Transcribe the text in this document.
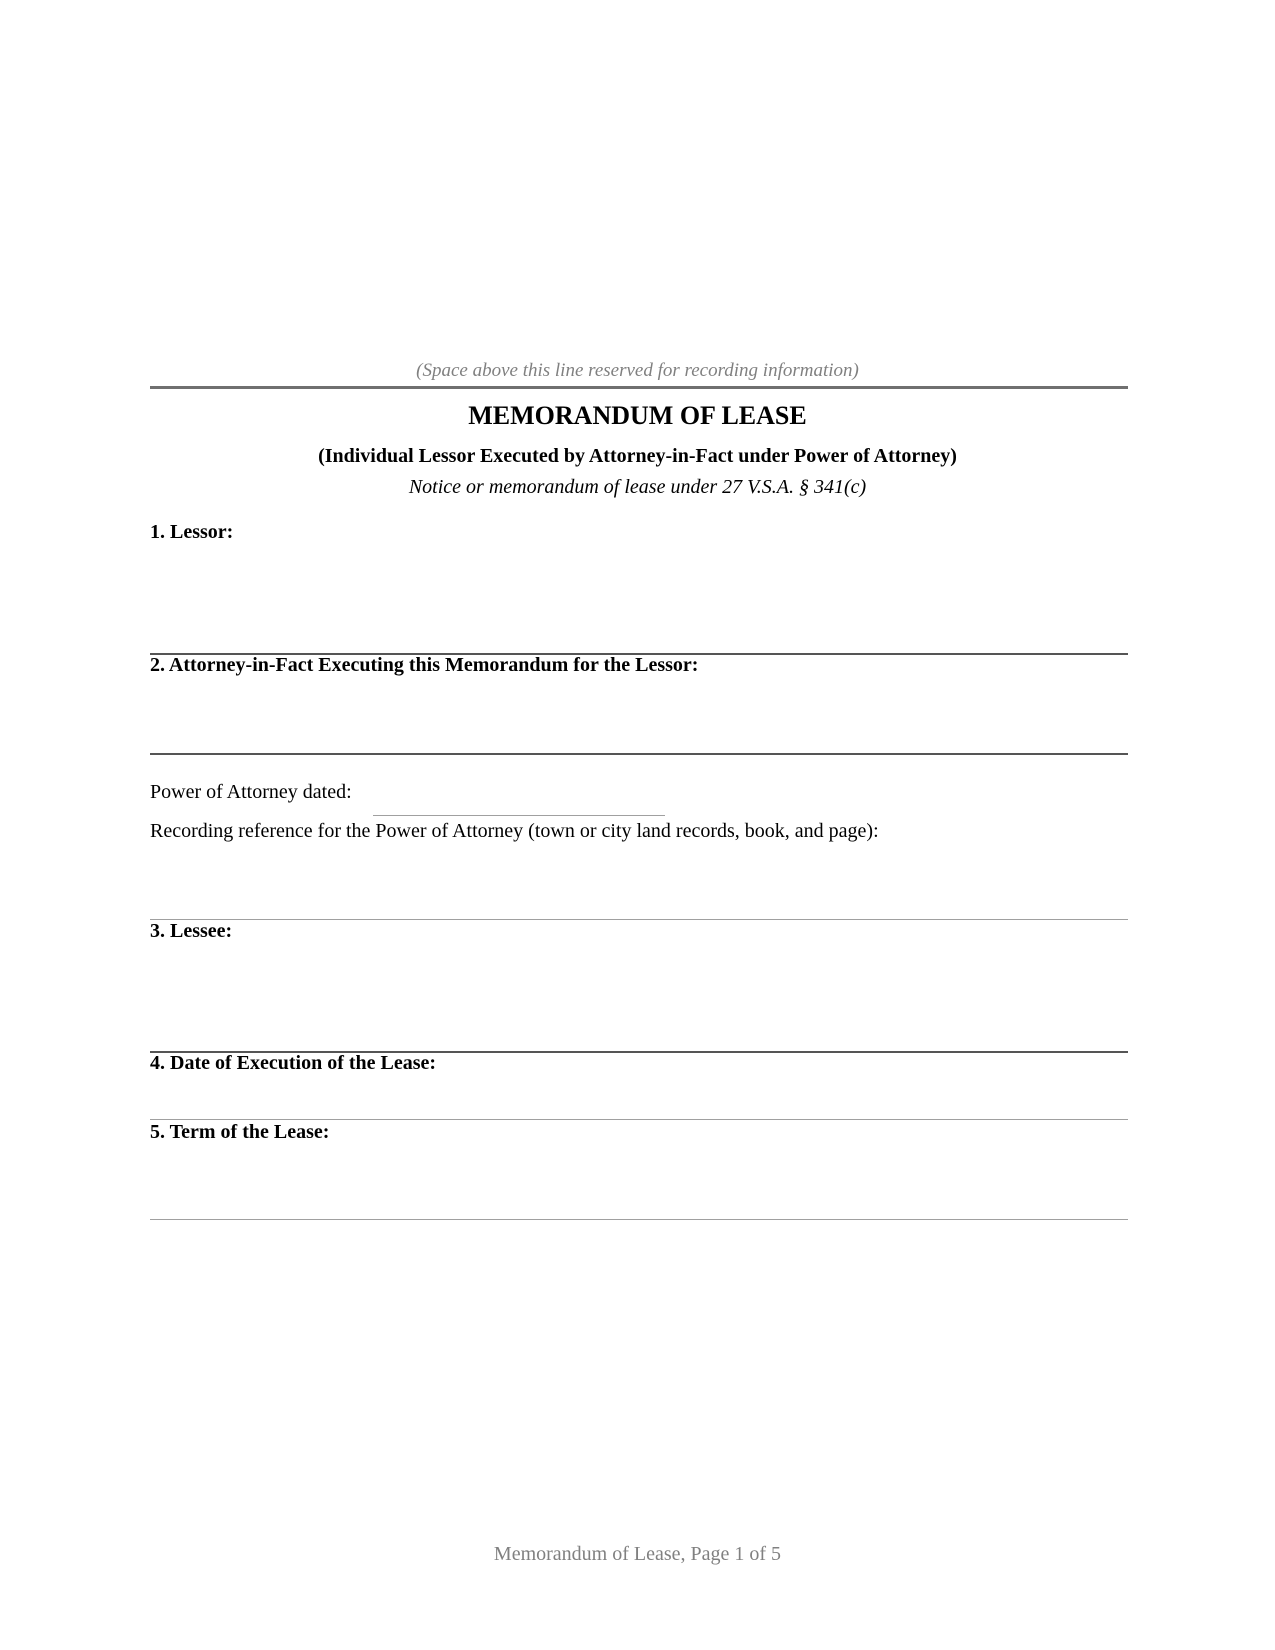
(Space above this line reserved for recording information)
MEMORANDUM OF LEASE
(Individual Lessor Executed by Attorney-in-Fact under Power of Attorney)
Notice or memorandum of lease under 27 V.S.A. § 341(c)
1. Lessor:
2. Attorney-in-Fact Executing this Memorandum for the Lessor:
Power of Attorney dated:
Recording reference for the Power of Attorney (town or city land records, book, and page):
3. Lessee:
4. Date of Execution of the Lease:
5. Term of the Lease:
Memorandum of Lease, Page 1 of 5
